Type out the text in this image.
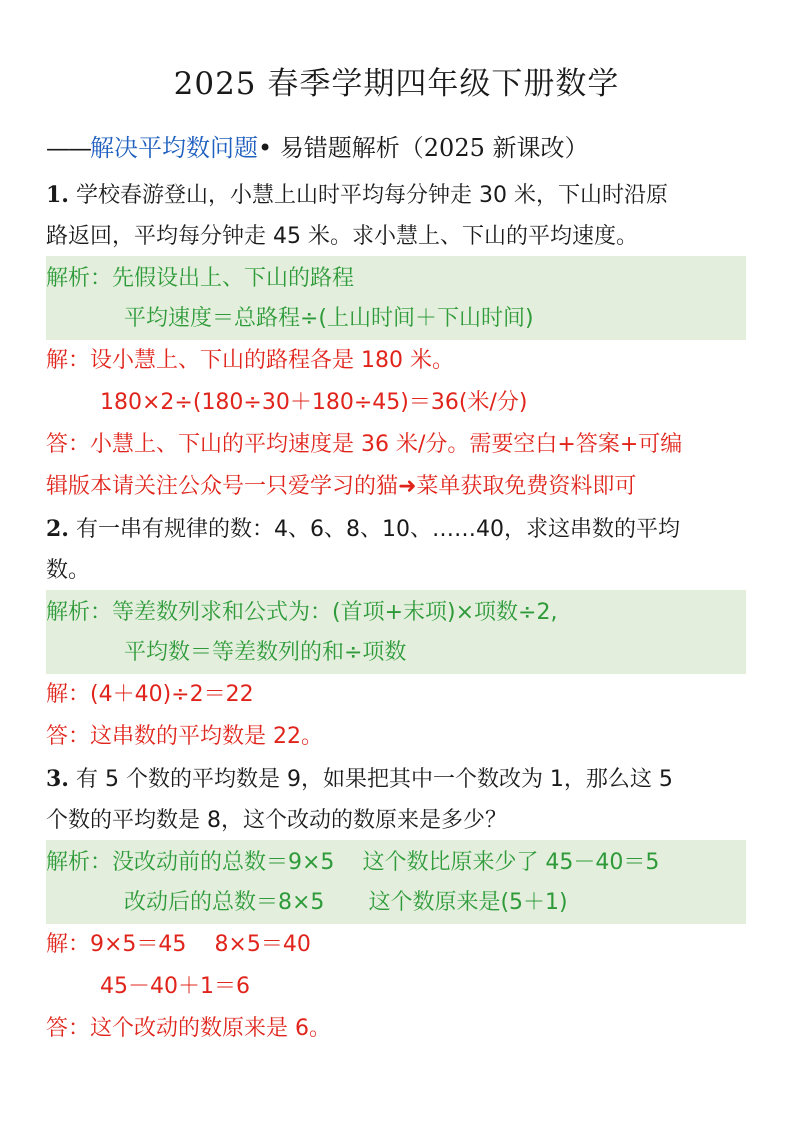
2025 春季学期四年级下册数学
——解决平均数问题• 易错题解析（2025 新课改）
1. 学校春游登山，小慧上山时平均每分钟走 30 米，下山时沿原
路返回，平均每分钟走 45 米。求小慧上、下山的平均速度。
解析：先假设出上、下山的路程
平均速度＝总路程÷(上山时间＋下山时间)
解：设小慧上、下山的路程各是 180 米。
180×2÷(180÷30＋180÷45)＝36(米/分)
答：小慧上、下山的平均速度是 36 米/分。需要空白+答案+可编
辑版本请关注公众号一只爱学习的猫➜菜单获取免费资料即可
2. 有一串有规律的数：4、6、8、10、……40，求这串数的平均
数。
解析：等差数列求和公式为：(首项+末项)×项数÷2,
平均数＝等差数列的和÷项数
解：(4＋40)÷2＝22
答：这串数的平均数是 22。
3. 有 5 个数的平均数是 9，如果把其中一个数改为 1，那么这 5
个数的平均数是 8，这个改动的数原来是多少？
解析：没改动前的总数＝9×5 这个数比原来少了 45－40＝5
改动后的总数＝8×5 这个数原来是(5＋1)
解：9×5＝45 8×5＝40
45－40＋1＝6
答：这个改动的数原来是 6。
